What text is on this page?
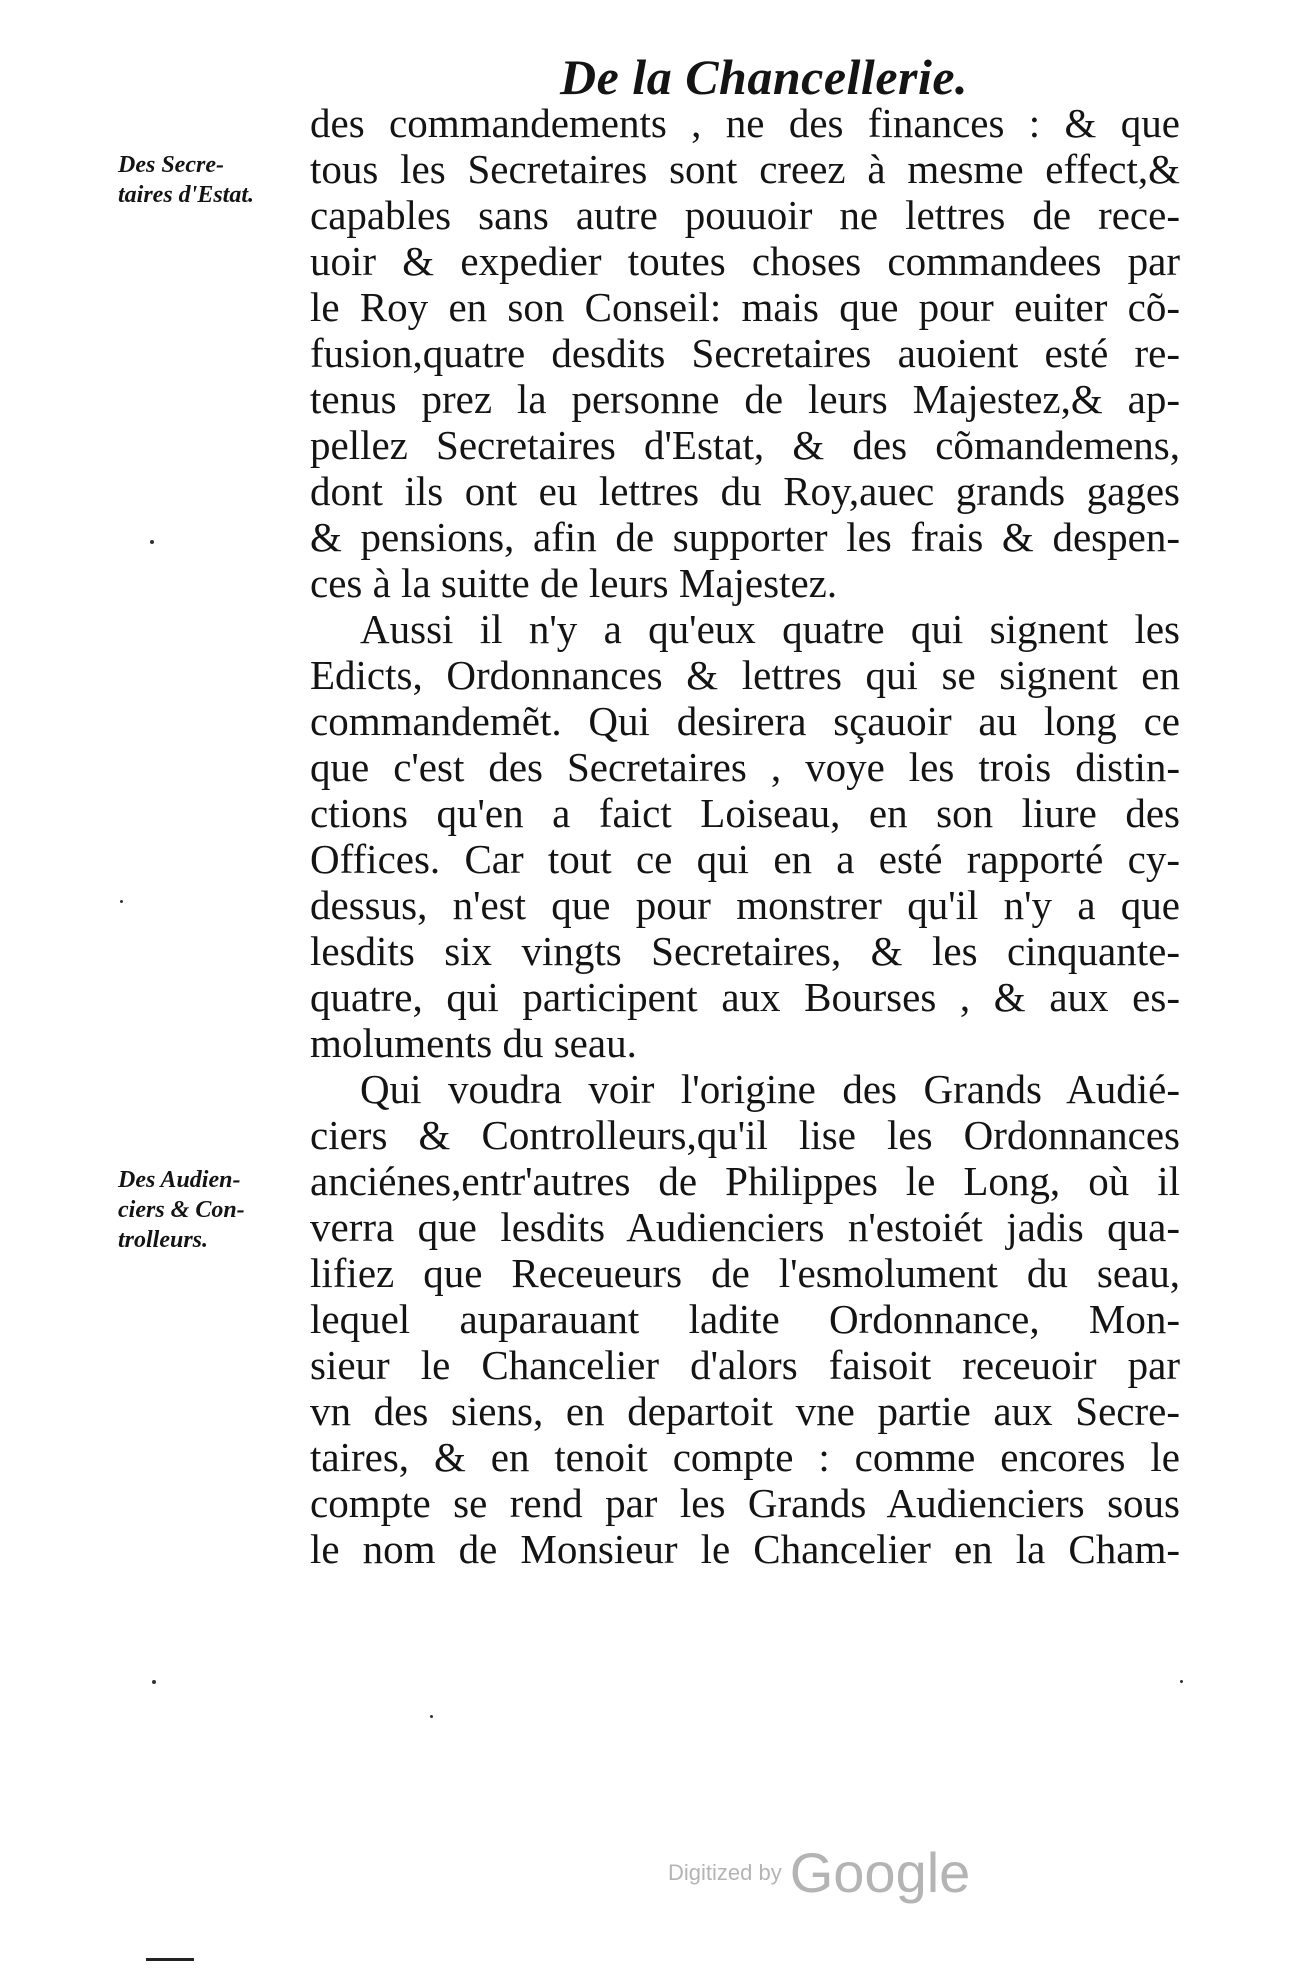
De la Chancellerie.
Des Secre-
taires d'Estat.
Des Audien-
ciers & Con-
trolleurs.
des commandements , ne des finances : & que
tous les Secretaires sont creez à mesme effect,&
capables sans autre pouuoir ne lettres de rece-
uoir & expedier toutes choses commandees par
le Roy en son Conseil: mais que pour euiter cõ-
fusion,quatre desdits Secretaires auoient esté re-
tenus prez la personne de leurs Majestez,& ap-
pellez Secretaires d'Estat, & des cõmandemens,
dont ils ont eu lettres du Roy,auec grands gages
& pensions, afin de supporter les frais & despen-
ces à la suitte de leurs Majestez.
Aussi il n'y a qu'eux quatre qui signent les
Edicts, Ordonnances & lettres qui se signent en
commandemẽt. Qui desirera sçauoir au long ce
que c'est des Secretaires , voye les trois distin-
ctions qu'en a faict Loiseau, en son liure des
Offices. Car tout ce qui en a esté rapporté cy-
dessus, n'est que pour monstrer qu'il n'y a que
lesdits six vingts Secretaires, & les cinquante-
quatre, qui participent aux Bourses , & aux es-
moluments du seau.
Qui voudra voir l'origine des Grands Audié-
ciers & Controlleurs,qu'il lise les Ordonnances
anciénes,entr'autres de Philippes le Long, où il
verra que lesdits Audienciers n'estoiét jadis qua-
lifiez que Receueurs de l'esmolument du seau,
lequel auparauant ladite Ordonnance, Mon-
sieur le Chancelier d'alors faisoit receuoir par
vn des siens, en departoit vne partie aux Secre-
taires, & en tenoit compte : comme encores le
compte se rend par les Grands Audienciers sous
le nom de Monsieur le Chancelier en la Cham-
Digitized by Google
